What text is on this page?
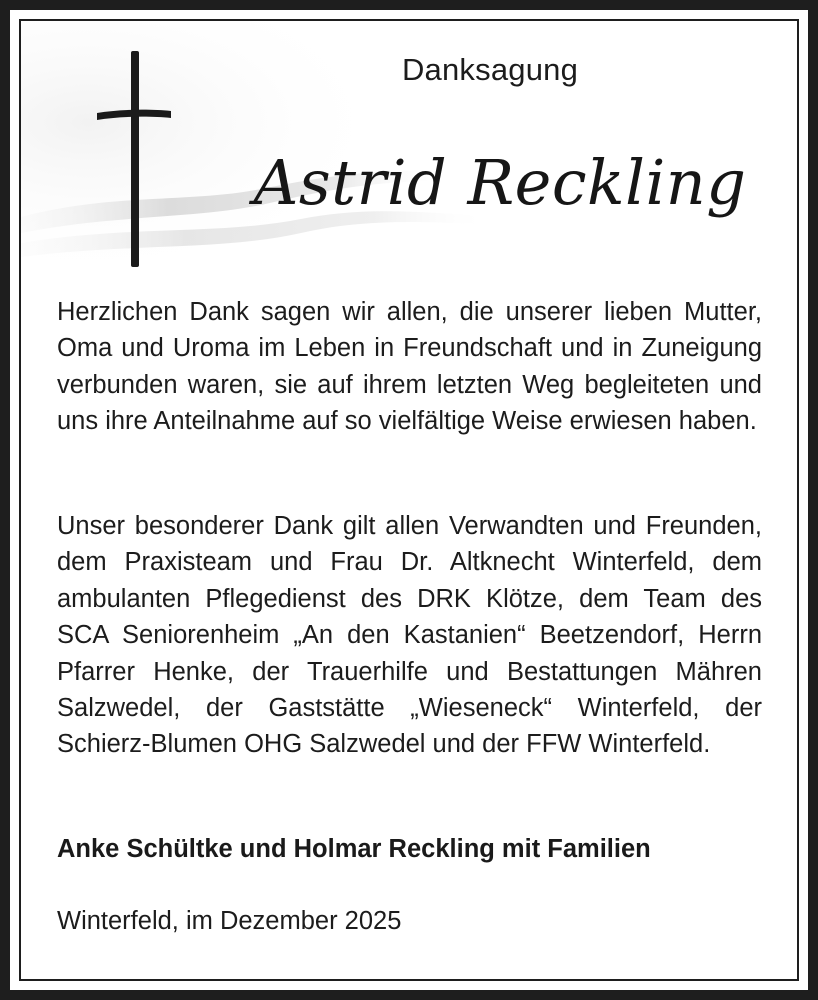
Danksagung
Astrid Reckling
Herzlichen Dank sagen wir allen, die unserer lieben Mutter, Oma und Uroma im Leben in Freundschaft und in Zuneigung verbunden waren, sie auf ihrem letzten Weg begleiteten und uns ihre Anteilnahme auf so vielfältige Weise erwiesen haben.
Unser besonderer Dank gilt allen Verwandten und Freunden, dem Praxisteam und Frau Dr. Altknecht Winterfeld, dem ambulanten Pflegedienst des DRK Klötze, dem Team des SCA Seniorenheim „An den Kastanien“ Beetzendorf, Herrn Pfarrer Henke, der Trauerhilfe und Bestattungen Mähren Salzwedel, der Gaststätte „Wieseneck“ Winterfeld, der Schierz-Blumen OHG Salzwedel und der FFW Winterfeld.
Anke Schültke und Holmar Reckling mit Familien
Winterfeld, im Dezember 2025
